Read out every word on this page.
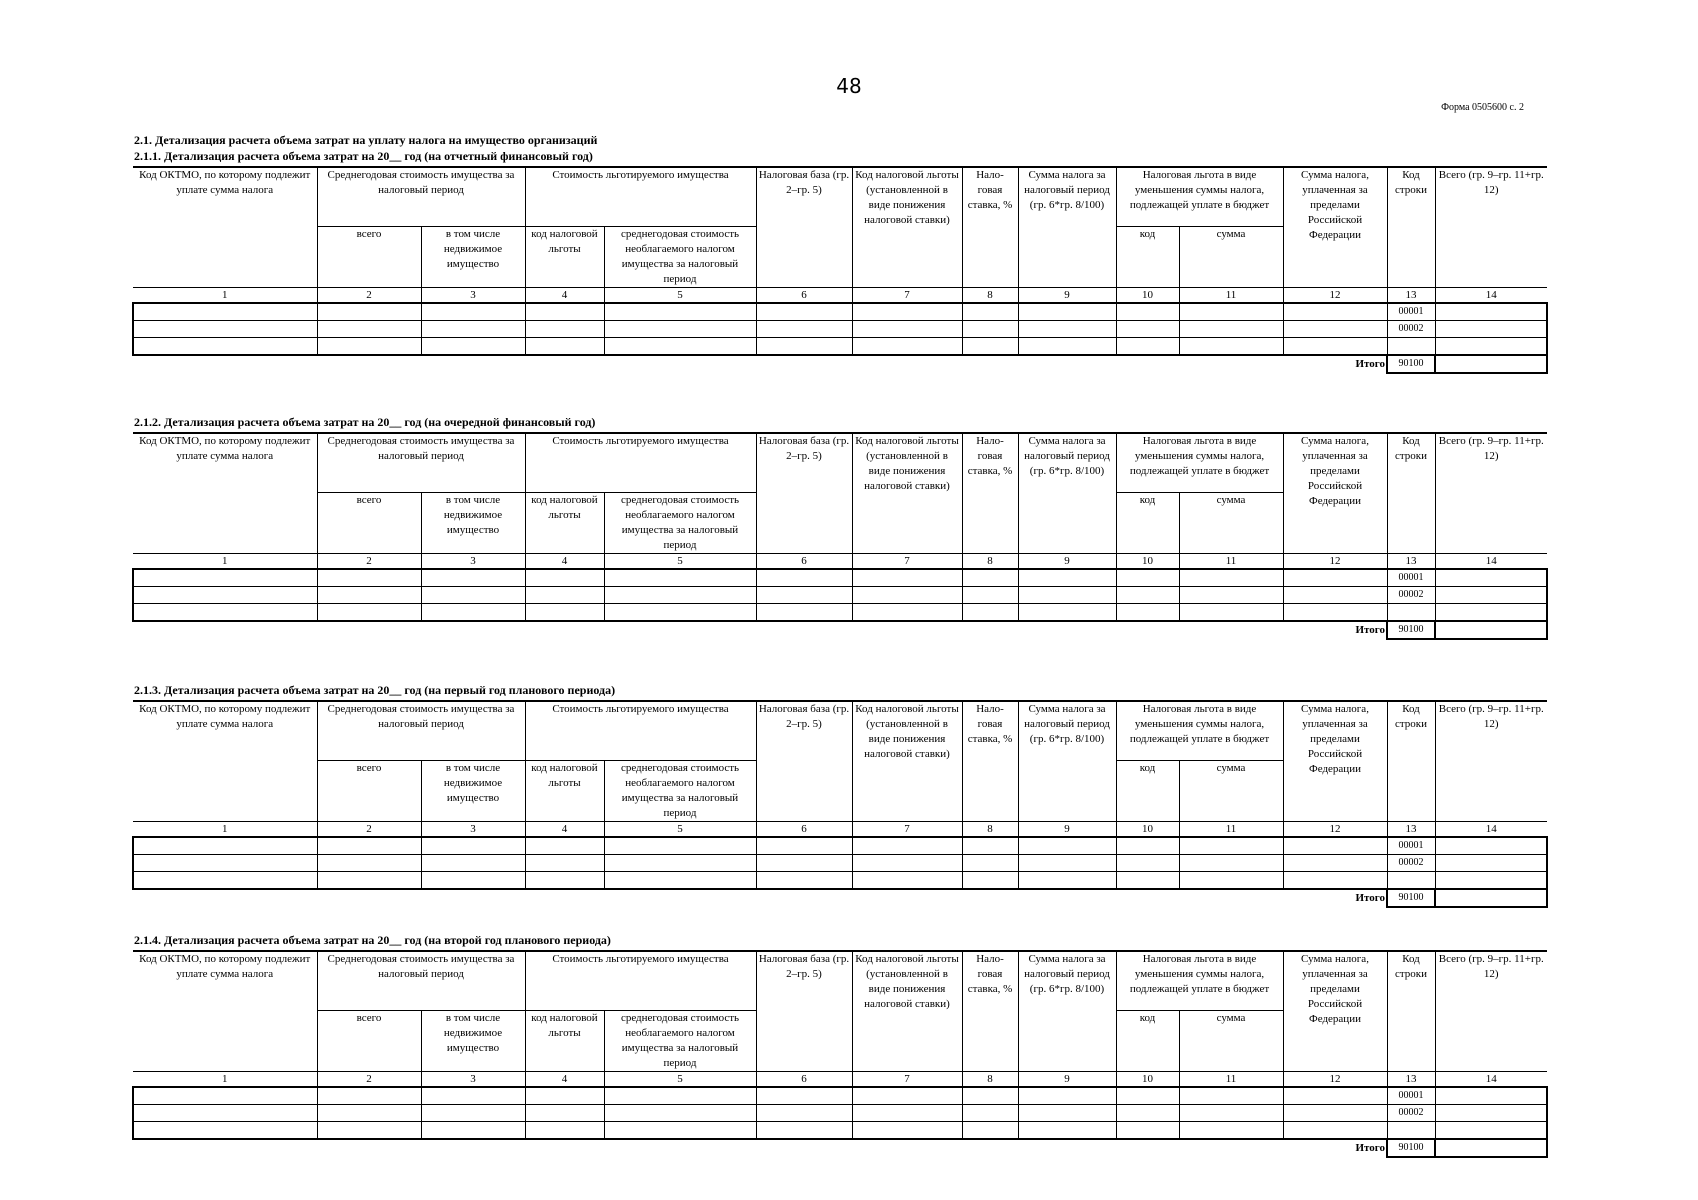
48
Форма 0505600 с. 2
2.1. Детализация расчета объема затрат на уплату налога на имущество организаций
2.1.1. Детализация расчета объема затрат на 20__ год (на отчетный финансовый год)
Код ОКТМО, по которому подлежит уплате сумма налога	Среднегодовая стоимость имущества за налоговый период		Стоимость льготируемого имущества		Налоговая база (гр. 2–гр. 5)	Код налоговой льготы (установленной в виде понижения налоговой ставки)	Нало-говая ставка, %	Сумма налога за налоговый период (гр. 6*гр. 8/100)	Налоговая льгота в виде уменьшения суммы налога, подлежащей уплате в бюджет		Сумма налога, уплаченная за пределами Российской Федерации	Код строки	Всего (гр. 9–гр. 11+гр. 12)
	всего	в том числе недвижимое имущество	код налоговой льготы	среднегодовая стоимость необлагаемого налогом имущества за налоговый период					код	сумма			
1	2	3	4	5	6	7	8	9	10	11	12	13	14
												00001	
												00002	

											Итого	90100	
2.1.2. Детализация расчета объема затрат на 20__ год (на очередной финансовый год)
Код ОКТМО, по которому подлежит уплате сумма налога	Среднегодовая стоимость имущества за налоговый период		Стоимость льготируемого имущества		Налоговая база (гр. 2–гр. 5)	Код налоговой льготы (установленной в виде понижения налоговой ставки)	Нало-говая ставка, %	Сумма налога за налоговый период (гр. 6*гр. 8/100)	Налоговая льгота в виде уменьшения суммы налога, подлежащей уплате в бюджет		Сумма налога, уплаченная за пределами Российской Федерации	Код строки	Всего (гр. 9–гр. 11+гр. 12)
	всего	в том числе недвижимое имущество	код налоговой льготы	среднегодовая стоимость необлагаемого налогом имущества за налоговый период					код	сумма			
1	2	3	4	5	6	7	8	9	10	11	12	13	14
												00001	
												00002	

											Итого	90100	
2.1.3. Детализация расчета объема затрат на 20__ год (на первый год планового периода)
Код ОКТМО, по которому подлежит уплате сумма налога	Среднегодовая стоимость имущества за налоговый период		Стоимость льготируемого имущества		Налоговая база (гр. 2–гр. 5)	Код налоговой льготы (установленной в виде понижения налоговой ставки)	Нало-говая ставка, %	Сумма налога за налоговый период (гр. 6*гр. 8/100)	Налоговая льгота в виде уменьшения суммы налога, подлежащей уплате в бюджет		Сумма налога, уплаченная за пределами Российской Федерации	Код строки	Всего (гр. 9–гр. 11+гр. 12)
	всего	в том числе недвижимое имущество	код налоговой льготы	среднегодовая стоимость необлагаемого налогом имущества за налоговый период					код	сумма			
1	2	3	4	5	6	7	8	9	10	11	12	13	14
												00001	
												00002	

											Итого	90100	
2.1.4. Детализация расчета объема затрат на 20__ год (на второй год планового периода)
Код ОКТМО, по которому подлежит уплате сумма налога	Среднегодовая стоимость имущества за налоговый период		Стоимость льготируемого имущества		Налоговая база (гр. 2–гр. 5)	Код налоговой льготы (установленной в виде понижения налоговой ставки)	Нало-говая ставка, %	Сумма налога за налоговый период (гр. 6*гр. 8/100)	Налоговая льгота в виде уменьшения суммы налога, подлежащей уплате в бюджет		Сумма налога, уплаченная за пределами Российской Федерации	Код строки	Всего (гр. 9–гр. 11+гр. 12)
	всего	в том числе недвижимое имущество	код налоговой льготы	среднегодовая стоимость необлагаемого налогом имущества за налоговый период					код	сумма			
1	2	3	4	5	6	7	8	9	10	11	12	13	14
												00001	
												00002	

											Итого	90100	
